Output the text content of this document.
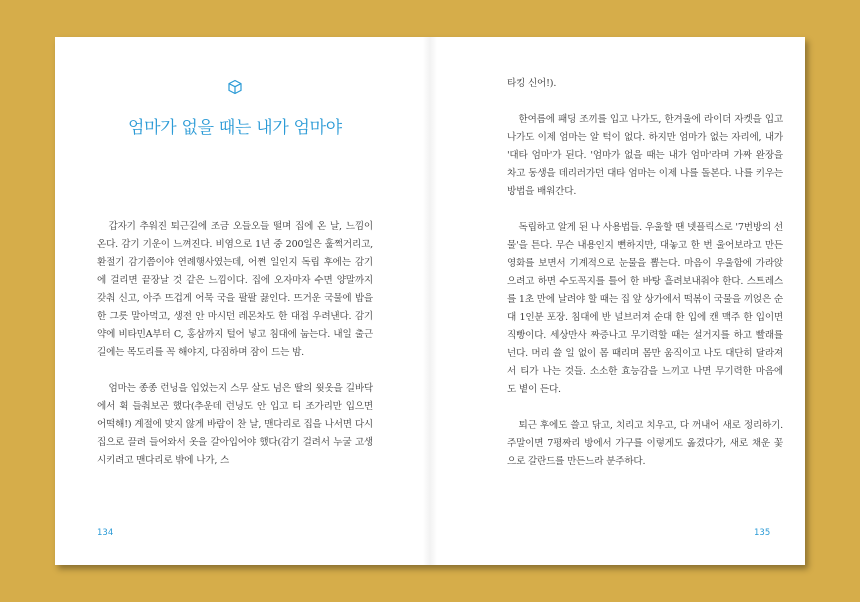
엄마가 없을 때는 내가 엄마야

갑자기 추워진 퇴근길에 조금 오들오들 떨며 집에 온 날, 느낌이 온다. 감기 기운이 느껴진다. 비염으로 1년 중 200일은 훌쩍거리고, 환절기 감기쯤이야 연례행사였는데, 어쩐 일인지 독립 후에는 감기에 걸리면 끝장날 것 같은 느낌이다. 집에 오자마자 수면 양말까지 갖춰 신고, 아주 뜨겁게 어묵 국을 팔팔 끓인다. 뜨거운 국물에 밥을 한 그릇 말아먹고, 생전 안 마시던 레몬차도 한 대접 우려낸다. 감기약에 비타민A부터 C, 홍삼까지 털어 넣고 침대에 눕는다. 내일 출근길에는 목도리를 꼭 해야지, 다짐하며 잠이 드는 밤.

엄마는 종종 런닝을 입었는지 스무 살도 넘은 딸의 윗옷을 길바닥에서 휙 들춰보곤 했다(추운데 런닝도 안 입고 티 조가리만 입으면 어떡해!) 계절에 맞지 않게 바람이 찬 날, 맨다리로 집을 나서면 다시 집으로 끌려 들어와서 옷을 갈아입어야 했다(감기 걸려서 누굴 고생시키려고 맨다리로 밖에 나가, 스

134

타킹 신어!).

한여름에 패딩 조끼를 입고 나가도, 한겨울에 라이더 자켓을 입고 나가도 이제 엄마는 알 턱이 없다. 하지만 엄마가 없는 자리에, 내가 '대타 엄마'가 된다. '엄마가 없을 때는 내가 엄마'라며 가짜 완장을 차고 동생을 데리러가던 대타 엄마는 이제 나를 돌본다. 나를 키우는 방법을 배워간다.

독립하고 알게 된 나 사용법들. 우울할 땐 넷플릭스로 '7번방의 선물'을 튼다. 무슨 내용인지 뻔하지만, 대놓고 한 번 울어보라고 만든 영화를 보면서 기계적으로 눈물을 뽑는다. 마음이 우울함에 가라앉으려고 하면 수도꼭지를 틀어 한 바탕 흘려보내줘야 한다. 스트레스를 1초 만에 날려야 할 때는 집 앞 상가에서 떡볶이 국물을 끼얹은 순대 1인분 포장. 침대에 반 널브러져 순대 한 입에 캔 맥주 한 입이면 직빵이다. 세상만사 짜증나고 무기력할 때는 설거지를 하고 빨래를 넌다. 머리 쓸 일 없이 몸 때리며 몸만 움직이고 나도 대단히 달라져서 티가 나는 것들. 소소한 효능감을 느끼고 나면 무기력한 마음에 도 볕이 든다.

퇴근 후에도 쓸고 닦고, 치리고 치우고, 다 꺼내어 새로 정리하기. 주말이면 7평짜리 방에서 가구를 이렇게도 옮겼다가, 새로 채운 꽃으로 갈란드를 만든느라 분주하다.

135
